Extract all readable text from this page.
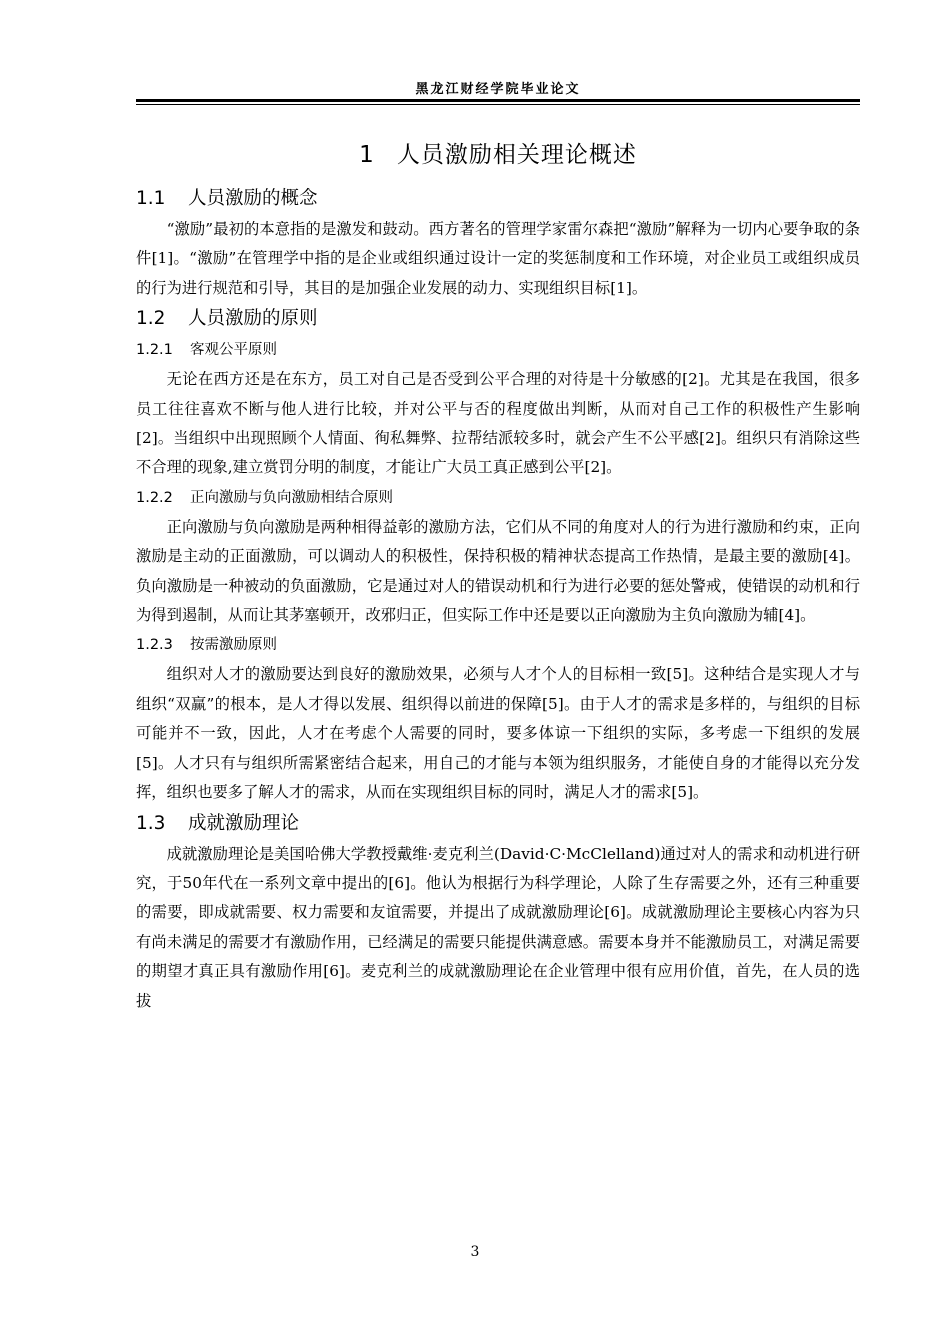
黑龙江财经学院毕业论文
1 人员激励相关理论概述
1.1 人员激励的概念

“激励”最初的本意指的是激发和鼓动。西方著名的管理学家雷尔森把“激励”解释为一切内心要争取的条件[1]。“激励”在管理学中指的是企业或组织通过设计一定的奖惩制度和工作环境，对企业员工或组织成员的行为进行规范和引导，其目的是加强企业发展的动力、实现组织目标[1]。

1.2 人员激励的原则
1.2.1 客观公平原则

无论在西方还是在东方，员工对自己是否受到公平合理的对待是十分敏感的[2]。尤其是在我国，很多员工往往喜欢不断与他人进行比较，并对公平与否的程度做出判断，从而对自己工作的积极性产生影响[2]。当组织中出现照顾个人情面、徇私舞弊、拉帮结派较多时，就会产生不公平感[2]。组织只有消除这些不合理的现象,建立赏罚分明的制度，才能让广大员工真正感到公平[2]。

1.2.2 正向激励与负向激励相结合原则

正向激励与负向激励是两种相得益彰的激励方法，它们从不同的角度对人的行为进行激励和约束，正向激励是主动的正面激励，可以调动人的积极性，保持积极的精神状态提高工作热情，是最主要的激励[4]。负向激励是一种被动的负面激励，它是通过对人的错误动机和行为进行必要的惩处警戒，使错误的动机和行为得到遏制，从而让其茅塞顿开，改邪归正，但实际工作中还是要以正向激励为主负向激励为辅[4]。

1.2.3 按需激励原则

组织对人才的激励要达到良好的激励效果，必须与人才个人的目标相一致[5]。这种结合是实现人才与组织“双赢”的根本，是人才得以发展、组织得以前进的保障[5]。由于人才的需求是多样的，与组织的目标可能并不一致，因此，人才在考虑个人需要的同时，要多体谅一下组织的实际，多考虑一下组织的发展[5]。人才只有与组织所需紧密结合起来，用自己的才能与本领为组织服务，才能使自身的才能得以充分发挥，组织也要多了解人才的需求，从而在实现组织目标的同时，满足人才的需求[5]。

1.3 成就激励理论

成就激励理论是美国哈佛大学教授戴维·麦克利兰(David·C·McClelland)通过对人的需求和动机进行研究，于50年代在一系列文章中提出的[6]。他认为根据行为科学理论，人除了生存需要之外，还有三种重要的需要，即成就需要、权力需要和友谊需要，并提出了成就激励理论[6]。成就激励理论主要核心内容为只有尚未满足的需要才有激励作用，已经满足的需要只能提供满意感。需要本身并不能激励员工，对满足需要的期望才真正具有激励作用[6]。麦克利兰的成就激励理论在企业管理中很有应用价值，首先，在人员的选拔

3
